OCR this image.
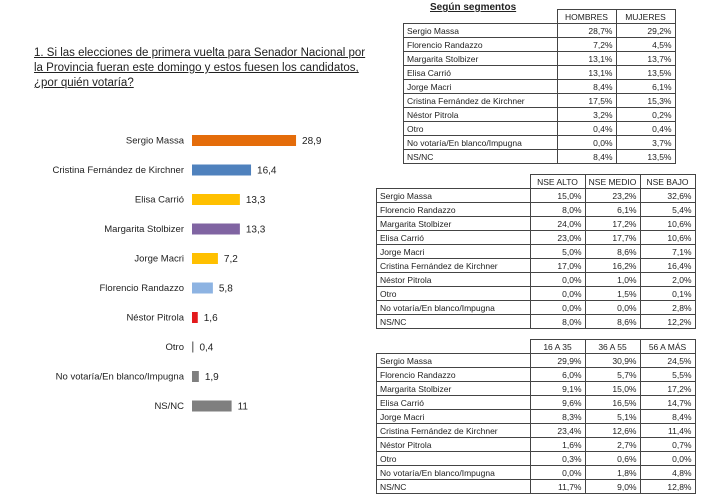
1. Si las elecciones de primera vuelta para Senador Nacional por la Provincia fueran este domingo y estos fuesen los candidatos, ¿por quién votaría?
Sergio Massa	28,9
Cristina Fernández de Kirchner	16,4
Elisa Carrió	13,3
Margarita Stolbizer	13,3
Jorge Macri	7,2
Florencio Randazzo	5,8
Néstor Pitrola 1,6
Otro 0,4
No votaría/En blanco/Impugna 1,9
NS/NC	11
Según segmentos
	HOMBRES	MUJERES
Sergio Massa	28,7%	29,2%
Florencio Randazzo	7,2%	4,5%
Margarita Stolbizer	13,1%	13,7%
Elisa Carrió	13,1%	13,5%
Jorge Macri	8,4%	6,1%
Cristina Fernández de Kirchner	17,5%	15,3%
Néstor Pitrola	3,2%	0,2%
Otro	0,4%	0,4%
No votaría/En blanco/Impugna	0,0%	3,7%
NS/NC	8,4%	13,5%
	NSE ALTO	NSE MEDIO	NSE BAJO
Sergio Massa	15,0%	23,2%	32,6%
Florencio Randazzo	8,0%	6,1%	5,4%
Margarita Stolbizer	24,0%	17,2%	10,6%
Elisa Carrió	23,0%	17,7%	10,6%
Jorge Macri	5,0%	8,6%	7,1%
Cristina Fernández de Kirchner	17,0%	16,2%	16,4%
Néstor Pitrola	0,0%	1,0%	2,0%
Otro	0,0%	1,5%	0,1%
No votaría/En blanco/Impugna	0,0%	0,0%	2,8%
NS/NC	8,0%	8,6%	12,2%
	16 A 35	36 A 55	56 A MÁS
Sergio Massa	29,9%	30,9%	24,5%
Florencio Randazzo	6,0%	5,7%	5,5%
Margarita Stolbizer	9,1%	15,0%	17,2%
Elisa Carrió	9,6%	16,5%	14,7%
Jorge Macri	8,3%	5,1%	8,4%
Cristina Fernández de Kirchner	23,4%	12,6%	11,4%
Néstor Pitrola	1,6%	2,7%	0,7%
Otro	0,3%	0,6%	0,0%
No votaría/En blanco/Impugna	0,0%	1,8%	4,8%
NS/NC	11,7%	9,0%	12,8%
